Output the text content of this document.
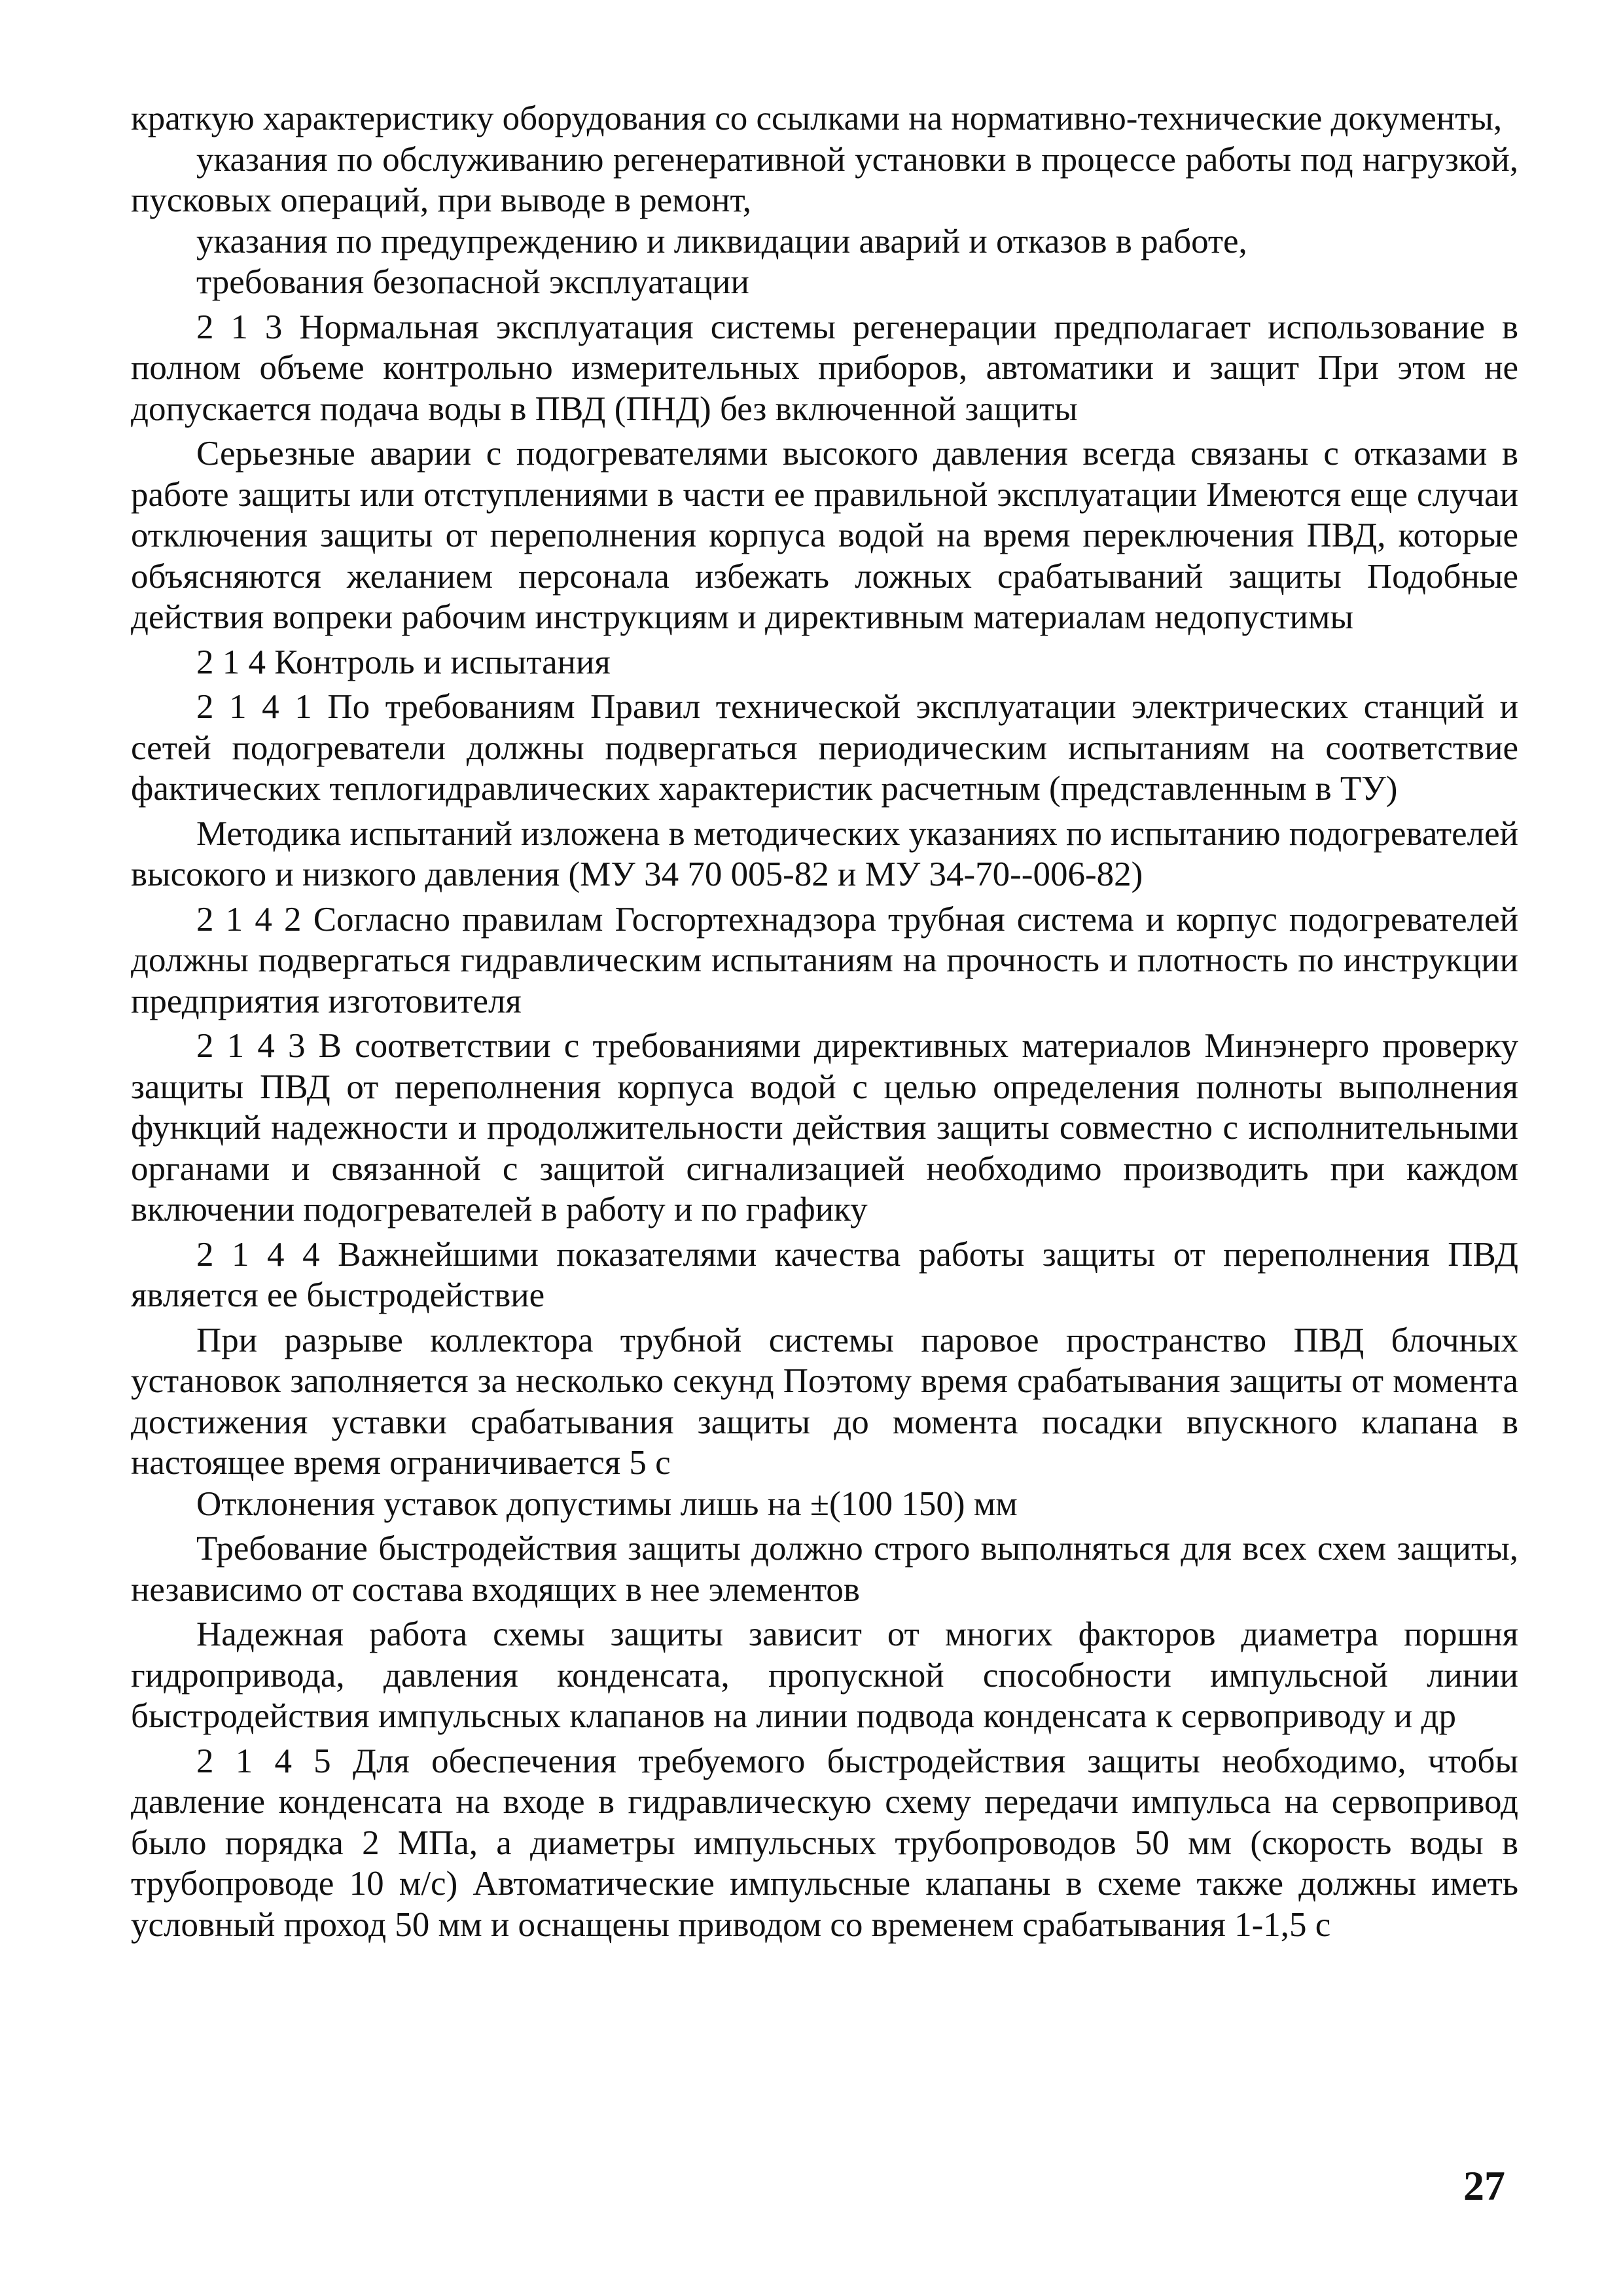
краткую характеристику оборудования со ссылками на нормативно-технические документы,

указания по обслуживанию регенеративной установки в процессе работы под нагрузкой, пусковых операций, при выводе в ремонт,

указания по предупреждению и ликвидации аварий и отказов в работе,

требования безопасной эксплуатации

2 1 3 Нормальная эксплуатация системы регенерации предполагает использование в полном объеме контрольно измерительных приборов, автоматики и защит При этом не допускается подача воды в ПВД (ПНД) без включенной защиты

Серьезные аварии с подогревателями высокого давления всегда связаны с отказами в работе защиты или отступлениями в части ее правильной эксплуатации Имеются еще случаи отключения защиты от переполнения корпуса водой на время переключения ПВД, которые объясняются желанием персонала избежать ложных срабатываний защиты Подобные действия вопреки рабочим инструкциям и директивным материалам недопустимы

2 1 4 Контроль и испытания

2 1 4 1 По требованиям Правил технической эксплуатации электрических станций и сетей подогреватели должны подвергаться периодическим испытаниям на соответствие фактических теплогидравлических характеристик расчетным (представленным в ТУ)

Методика испытаний изложена в методических указаниях по испытанию подогревателей высокого и низкого давления (МУ 34 70 005-82 и МУ 34-70--006-82)

2 1 4 2 Согласно правилам Госгортехнадзора трубная система и корпус подогревателей должны подвергаться гидравлическим испытаниям на прочность и плотность по инструкции предприятия изготовителя

2 1 4 3 В соответствии с требованиями директивных материалов Минэнерго проверку защиты ПВД от переполнения корпуса водой с целью определения полноты выполнения функций надежности и продолжительности действия защиты совместно с исполнительными органами и связанной с защитой сигнализацией необходимо производить при каждом включении подогревателей в работу и по графику

2 1 4 4 Важнейшими показателями качества работы защиты от переполнения ПВД является ее быстродействие

При разрыве коллектора трубной системы паровое пространство ПВД блочных установок заполняется за несколько секунд Поэтому время срабатывания защиты от момента достижения уставки срабатывания защиты до момента посадки впускного клапана в настоящее время ограничивается 5 с

Отклонения уставок допустимы лишь на ±(100 150) мм

Требование быстродействия защиты должно строго выполняться для всех схем защиты, независимо от состава входящих в нее элементов

Надежная работа схемы защиты зависит от многих факторов диаметра поршня гидропривода, давления конденсата, пропускной способности импульсной линии быстродействия импульсных клапанов на линии подвода конденсата к сервоприводу и др

2 1 4 5 Для обеспечения требуемого быстродействия защиты необходимо, чтобы давление конденсата на входе в гидравлическую схему передачи импульса на сервопривод было порядка 2 МПа, а диаметры импульсных трубопроводов 50 мм (скорость воды в трубопроводе 10 м/с) Автоматические импульсные клапаны в схеме также должны иметь условный проход 50 мм и оснащены приводом со временем срабатывания 1-1,5 с

27
